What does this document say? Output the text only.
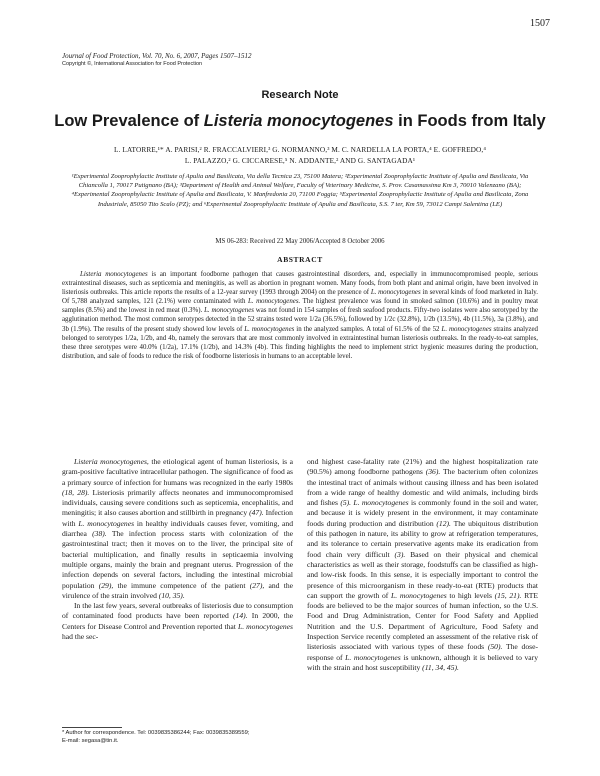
1507
Journal of Food Protection, Vol. 70, No. 6, 2007, Pages 1507–1512
Copyright ©, International Association for Food Protection
Research Note
Low Prevalence of Listeria monocytogenes in Foods from Italy
L. LATORRE,¹* A. PARISI,² R. FRACCALVIERI,³ G. NORMANNO,³ M. C. NARDELLA LA PORTA,⁴ E. GOFFREDO,⁴
L. PALAZZO,² G. CICCARESE,⁵ N. ADDANTE,² AND G. SANTAGADA¹
¹Experimental Zooprophylactic Institute of Apulia and Basilicata, Via della Tecnica 23, 75100 Matera; ²Experimental Zooprophylactic Institute of Apulia and Basilicata, Via Chiancolla 1, 70017 Putignano (BA); ³Department of Health and Animal Welfare, Faculty of Veterinary Medicine, S. Prov. Casamassima Km 3, 70010 Valenzano (BA); ⁴Experimental Zooprophylactic Institute of Apulia and Basilicata, V. Manfredonia 20, 71100 Foggia; ⁵Experimental Zooprophylactic Institute of Apulia and Basilicata, Zona Industriale, 85050 Tito Scalo (PZ); and ⁶Experimental Zooprophylactic Institute of Apulia and Basilicata, S.S. 7 ter, Km 59, 73012 Campi Salentina (LE)
MS 06-283: Received 22 May 2006/Accepted 8 October 2006
ABSTRACT

Listeria monocytogenes is an important foodborne pathogen that causes gastrointestinal disorders, and, especially in immunocompromised people, serious extraintestinal diseases, such as septicemia and meningitis, as well as abortion in pregnant women. Many foods, from both plant and animal origin, have been involved in listeriosis outbreaks. This article reports the results of a 12-year survey (1993 through 2004) on the presence of L. monocytogenes in several kinds of food marketed in Italy. Of 5,788 analyzed samples, 121 (2.1%) were contaminated with L. monocytogenes. The highest prevalence was found in smoked salmon (10.6%) and in poultry meat samples (8.5%) and the lowest in red meat (0.3%). L. monocytogenes was not found in 154 samples of fresh seafood products. Fifty-two isolates were also serotyped by the agglutination method. The most common serotypes detected in the 52 strains tested were 1/2a (36.5%), followed by 1/2c (32.8%), 1/2b (13.5%), 4b (11.5%), 3a (3.8%), and 3b (1.9%). The results of the present study showed low levels of L. monocytogenes in the analyzed samples. A total of 61.5% of the 52 L. monocytogenes strains analyzed belonged to serotypes 1/2a, 1/2b, and 4b, namely the serovars that are most commonly involved in extraintestinal human listeriosis outbreaks. In the ready-to-eat samples, these three serotypes were 40.0% (1/2a), 17.1% (1/2b), and 14.3% (4b). This finding highlights the need to implement strict hygienic measures during the production, distribution, and sale of foods to reduce the risk of foodborne listeriosis in humans to an acceptable level.

Listeria monocytogenes, the etiological agent of human listeriosis, is a gram-positive facultative intracellular pathogen. The significance of food as a primary source of infection for humans was recognized in the early 1980s (18, 28). Listeriosis primarily affects neonates and immunocompromised individuals, causing severe conditions such as septicemia, encephalitis, and meningitis; it also causes abortion and stillbirth in pregnancy (47). Infection with L. monocytogenes in healthy individuals causes fever, vomiting, and diarrhea (38). The infection process starts with colonization of the gastrointestinal tract; then it moves on to the liver, the principal site of bacterial multiplication, and finally results in septicaemia involving multiple organs, mainly the brain and pregnant uterus. Progression of the infection depends on several factors, including the intestinal microbial population (29), the immune competence of the patient (27), and the virulence of the strain involved (10, 35).

In the last few years, several outbreaks of listeriosis due to consumption of contaminated food products have been reported (14). In 2000, the Centers for Disease Control and Prevention reported that L. monocytogenes had the sec-

ond highest case-fatality rate (21%) and the highest hospitalization rate (90.5%) among foodborne pathogens (36). The bacterium often colonizes the intestinal tract of animals without causing illness and has been isolated from a wide range of healthy domestic and wild animals, including birds and fishes (5). L. monocytogenes is commonly found in the soil and water, and because it is widely present in the environment, it may contaminate foods during production and distribution (12). The ubiquitous distribution of this pathogen in nature, its ability to grow at refrigeration temperatures, and its tolerance to certain preservative agents make its eradication from food chain very difficult (3). Based on their physical and chemical characteristics as well as their storage, foodstuffs can be classified as high- and low-risk foods. In this sense, it is especially important to control the presence of this microorganism in these ready-to-eat (RTE) products that can support the growth of L. monocytogenes to high levels (15, 21). RTE foods are believed to be the major sources of human infection, so the U.S. Food and Drug Administration, Center for Food Safety and Applied Nutrition and the U.S. Department of Agriculture, Food Safety and Inspection Service recently completed an assessment of the relative risk of listeriosis associated with various types of these foods (50). The dose-response of L. monocytogenes is unknown, although it is believed to vary with the strain and host susceptibility (11, 34, 45).

* Author for correspondence. Tel: 0039835386244; Fax: 0039835389559;
E-mail: segasa@tin.it.
